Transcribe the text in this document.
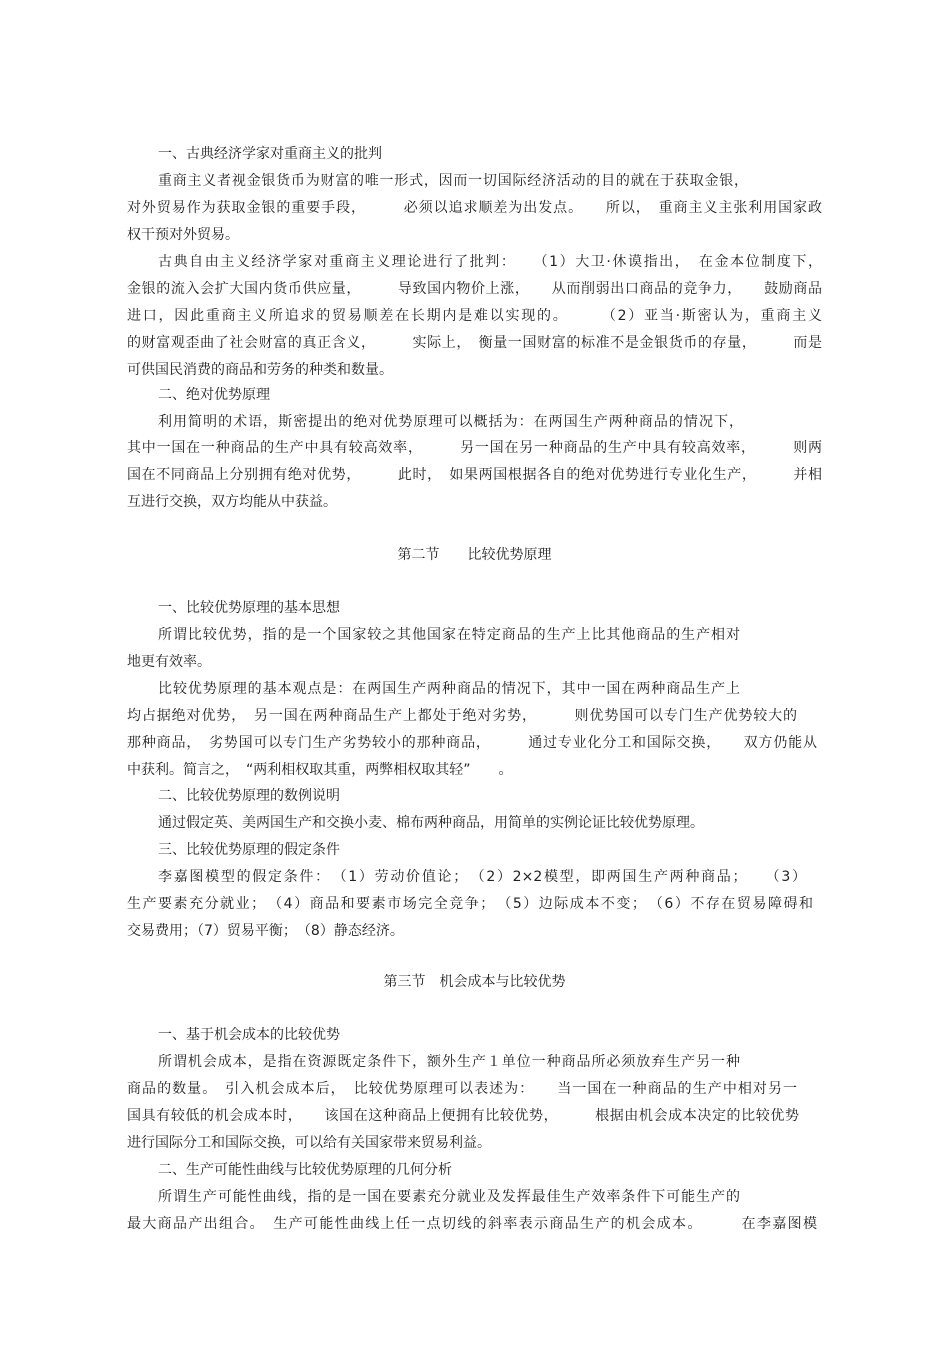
一、古典经济学家对重商主义的批判
重商主义者视金银货币为财富的唯一形式，因而一切国际经济活动的目的就在于获取金银，
对外贸易作为获取金银的重要手段，　　　必须以追求顺差为出发点。　　所以，　重商主义主张利用国家政
权干预对外贸易。
古典自由主义经济学家对重商主义理论进行了批判：　　（1）大卫·休谟指出，　在金本位制度下，
金银的流入会扩大国内货币供应量，　　　导致国内物价上涨，　　从而削弱出口商品的竞争力，　　鼓励商品
进口，因此重商主义所追求的贸易顺差在长期内是难以实现的。　　　（2）亚当·斯密认为，重商主义
的财富观歪曲了社会财富的真正含义，　　　实际上，　衡量一国财富的标准不是金银货币的存量，　　　而是
可供国民消费的商品和劳务的种类和数量。
二、绝对优势原理
利用简明的术语，斯密提出的绝对优势原理可以概括为：在两国生产两种商品的情况下，
其中一国在一种商品的生产中具有较高效率，　　　另一国在另一种商品的生产中具有较高效率，　　　则两
国在不同商品上分别拥有绝对优势，　　　此时，　如果两国根据各自的绝对优势进行专业化生产，　　　并相
互进行交换，双方均能从中获益。
第二节　　比较优势原理
一、比较优势原理的基本思想
所谓比较优势，指的是一个国家较之其他国家在特定商品的生产上比其他商品的生产相对
地更有效率。
比较优势原理的基本观点是：在两国生产两种商品的情况下，其中一国在两种商品生产上
均占据绝对优势，　另一国在两种商品生产上都处于绝对劣势，　　　则优势国可以专门生产优势较大的
那种商品，　劣势国可以专门生产劣势较小的那种商品，　　　通过专业化分工和国际交换，　　双方仍能从
中获利。简言之，　“两利相权取其重，两弊相权取其轻”　　。
二、比较优势原理的数例说明
通过假定英、美两国生产和交换小麦、棉布两种商品，用简单的实例论证比较优势原理。
三、比较优势原理的假定条件
李嘉图模型的假定条件：　（1）劳动价值论；　（2）2×2模型，即两国生产两种商品；　　（3）
生产要素充分就业；　（4）商品和要素市场完全竞争；　（5）边际成本不变；　（6）不存在贸易障碍和
交易费用；（7）贸易平衡；　（8）静态经济。
第三节　机会成本与比较优势
一、基于机会成本的比较优势
所谓机会成本，是指在资源既定条件下，额外生产１单位一种商品所必须放弃生产另一种
商品的数量。　引入机会成本后，　比较优势原理可以表述为：　　当一国在一种商品的生产中相对另一
国具有较低的机会成本时，　　该国在这种商品上便拥有比较优势，　　　根据由机会成本决定的比较优势
进行国际分工和国际交换，可以给有关国家带来贸易利益。
二、生产可能性曲线与比较优势原理的几何分析
所谓生产可能性曲线，指的是一国在要素充分就业及发挥最佳生产效率条件下可能生产的
最大商品产出组合。　生产可能性曲线上任一点切线的斜率表示商品生产的机会成本。　　　在李嘉图模
